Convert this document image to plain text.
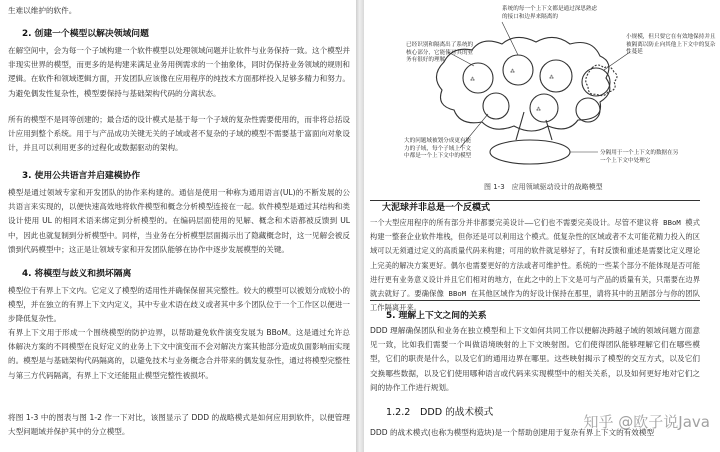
生难以维护的软件。

2. 创建一个模型以解决领域问题

在解空间中，会为每一个子域构建一个软件模型以处理领域问题并让软件与业务保持一致。这个模型并非现实世界的模型，而更多的是构建来满足业务用例需求的一个抽象体，同时仍保持业务领域的规则和逻辑。在软件和领域逻辑方面，开发团队应该像在应用程序的纯技术方面那样投入足够多精力和努力。为避免偶发性复杂性，模型要保持与基础架构代码的分离状态。

所有的模型不是同等创建的；最合适的设计模式是基于每一个子域的复杂性需要使用的，而非将总括设计应用到整个系统。用于与产品成功关键无关的子域或者不复杂的子域的模型不需要基于富面向对象设计，并且可以利用更多的过程化或数据驱动的架构。

3. 使用公共语言并启建模协作

模型是通过领域专家和开发团队的协作来构建的。通信是使用一种称为通用语言(UL)的不断发展的公共语言来实现的，以便快速高效地将软件模型和概念分析模型连接在一起。软件模型是通过其结构和类设计使用 UL 的相同术语来绑定到分析模型的。在编码层面使用的见解、概念和术语都被反馈到 UL 中，因此也就复制到分析模型中。同样，当业务在分析模型层面揭示出了隐藏概念时，这一见解会被反馈到代码模型中；这正是让领域专家和开发团队能够在协作中逐步发展模型的关键。

4. 将模型与歧义和损坏隔离

模型位于有界上下文内。它定义了模型的适用性并确保保留其完整性。较大的模型可以被划分成较小的模型，并在独立的有界上下文内定义，其中专业术语在歧义或者其中多个团队位于一个工作区以便进一步降低复杂性。

有界上下文用于形成一个围绕模型的防护边界，以帮助避免软件演变发展为 BBoM。这是通过允许总体解决方案的不同模型在良好定义的业务上下文中演变而不会对解决方案其他部分造成负面影响而实现的。模型是与基础架构代码隔离的，以避免技术与业务概念合并带来的偶发复杂性，通过将模型完整性与第三方代码隔离，有界上下文还能阻止模型完整性被损坏。

将图 1-3 中的图表与图 1-2 作一下对比，该图显示了 DDD 的战略模式是如何应用到软件，以便管理大型问题域并保护其中的分立模型。

⁂
⁂
⁂
⁂
系统的每一个上下文都是通过深思熟虑的接口和边界来隔离的
已经识别和隔离出了系统的核心部分，它能使对其的业务有很好的理解
小规模，但只要它在有效地保持并且被隔离以防止向其他上下文中的复杂性蔓延
大的问题域被划分成更有能力的子域，每个子域上下文中都是一个上下文中的模型
分隔用于一个上下文的数据在另一个上下文中处理它

图 1-3　应用领域驱动设计的战略模型

大泥球并非总是一个反模式

一个大型应用程序的所有部分并非都要完美设计——它们也不需要完美设计。尽管不建议将 BBoM 模式构建一整套企业软件堆栈，但你还是可以利用这个模式。低复杂性的区域或者不太可能花精力投入的区域可以无须通过定义的高质量代码来构建；可用的软件就足够好了，有时反馈和重述是需要比定义理论上完美的解决方案更好。偶尔也需要更好的方法或者可维护性。系统的一些某个部分不能体现是否可能进行更有业务意义设计并且它们相对的地方，在此之中的上下文是可与产品的质量有关，只需要在边界就去就好了。要确保像 BBoM 在其他区域作为的好设计保持在那里，请将其中的丑陋部分与你的团队工作隔离开来。

5. 理解上下文之间的关系

DDD 理解确保团队和业务在独立模型和上下文如何共同工作以便解决跨越子域的领域问题方面意见一致，比如我们需要一个叫做语境映射的上下文映射图。它们使得团队能够理解它们在哪些模型，它们的职责是什么，以及它们的通用边界在哪里。这些映射揭示了模型的交互方式，以及它们交换哪些数据，以及它们使用哪种语言或代码来实现模型中的相关关系，以及如何更好地对它们之间的协作工作进行规划。

1.2.2　DDD 的战术模式

DDD 的战术模式(也称为模型构造块)是一个帮助创建用于复杂有界上下文的有效模型

知乎 @欧子说Java
